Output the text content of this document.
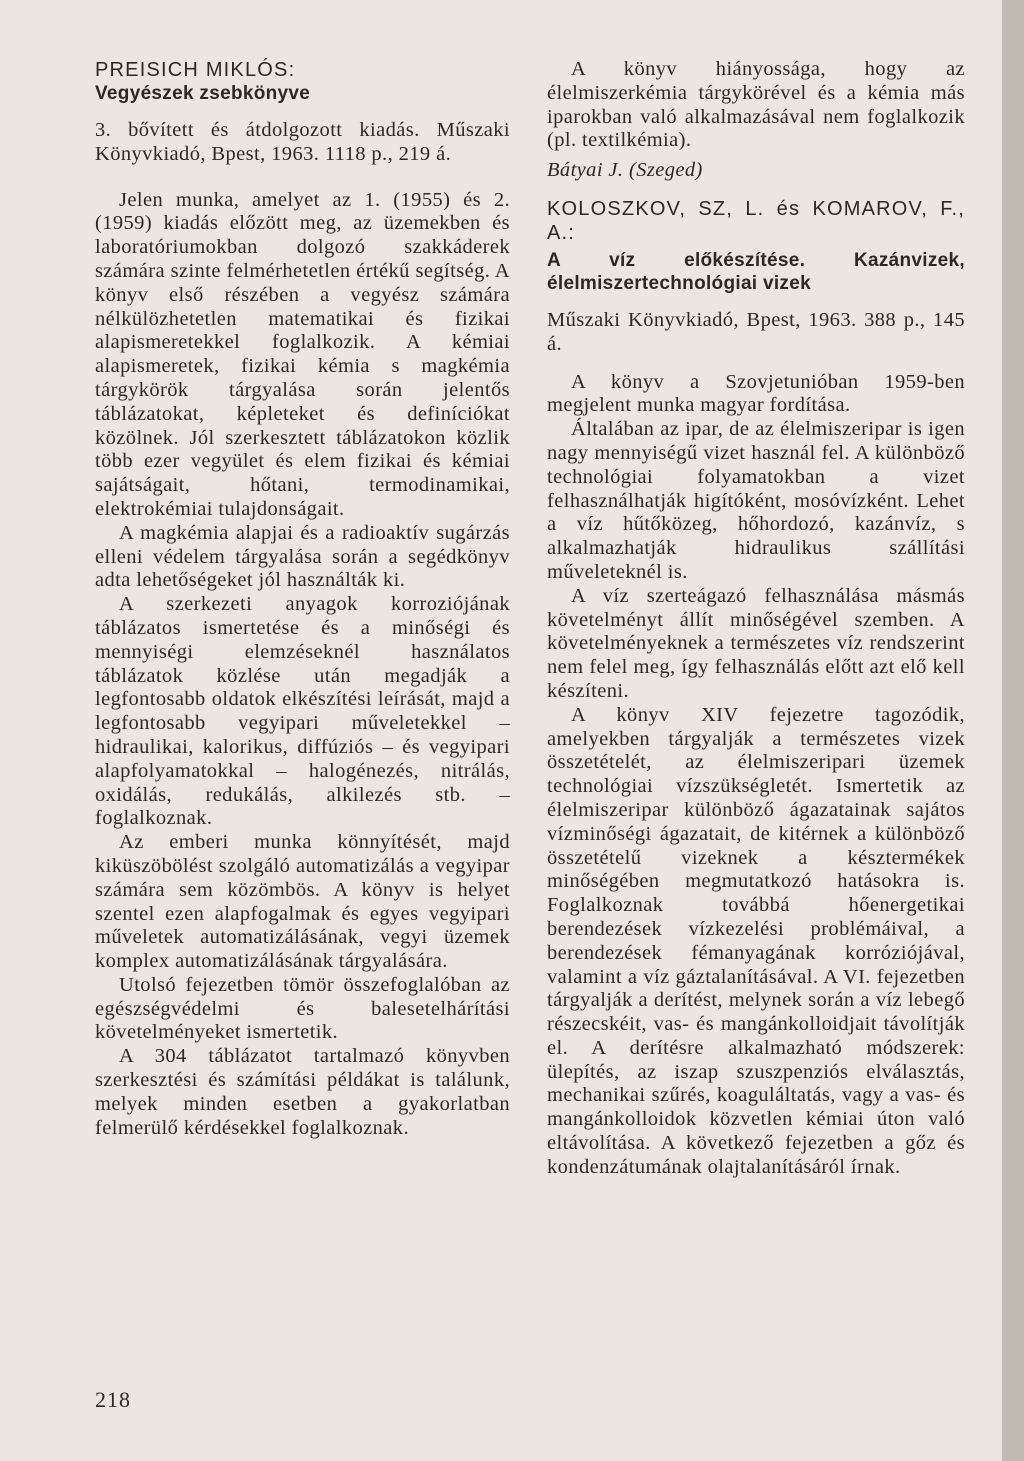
PREISICH MIKLÓS:

Vegyészek zsebkönyve

3. bővített és átdolgozott kiadás. Műszaki Könyvkiadó, Bpest, 1963. 1118 p., 219 á.

Jelen munka, amelyet az 1. (1955) és 2. (1959) kiadás előzött meg, az üzemekben és laboratóriumokban dolgozó szakkáderek számára szinte felmérhetetlen értékű segítség. A könyv első részében a vegyész számára nélkülözhetetlen matematikai és fizikai alapismeretekkel foglalkozik. A kémiai alapismeretek, fizikai kémia s magkémia tárgykörök tárgyalása során jelentős táblázatokat, képleteket és definíciókat közölnek. Jól szerkesztett táblázatokon közlik több ezer vegyület és elem fizikai és kémiai sajátságait, hőtani, termodinamikai, elektrokémiai tulajdonságait.

A magkémia alapjai és a radioaktív sugárzás elleni védelem tárgyalása során a segédkönyv adta lehetőségeket jól használták ki.

A szerkezeti anyagok korroziójának táblázatos ismertetése és a minőségi és mennyiségi elemzéseknél használatos táblázatok közlése után megadják a legfontosabb oldatok elkészítési leírását, majd a legfontosabb vegyipari műveletekkel – hidraulikai, kalorikus, diffúziós – és vegyipari alapfolyamatokkal – halogénezés, nitrálás, oxidálás, redukálás, alkilezés stb. – foglalkoznak.

Az emberi munka könnyítését, majd kiküszöbölést szolgáló automatizálás a vegyipar számára sem közömbös. A könyv is helyet szentel ezen alapfogalmak és egyes vegyipari műveletek automatizálásának, vegyi üzemek komplex automatizálásának tárgyalására.

Utolsó fejezetben tömör összefoglalóban az egészségvédelmi és balesetelhárítási követelményeket ismertetik.

A 304 táblázatot tartalmazó könyvben szerkesztési és számítási példákat is találunk, melyek minden esetben a gyakorlatban felmerülő kérdésekkel foglalkoznak.

A könyv hiányossága, hogy az élelmiszerkémia tárgykörével és a kémia más iparokban való alkalmazásával nem foglalkozik (pl. textilkémia).

Bátyai J. (Szeged)

KOLOSZKOV, SZ, L. és KOMAROV, F., A.:

A víz előkészítése. Kazánvizek, élelmiszertechnológiai vizek

Műszaki Könyvkiadó, Bpest, 1963. 388 p., 145 á.

A könyv a Szovjetunióban 1959-ben megjelent munka magyar fordítása.

Általában az ipar, de az élelmiszeripar is igen nagy mennyiségű vizet használ fel. A különböző technológiai folyamatokban a vizet felhasználhatják higítóként, mosóvízként. Lehet a víz hűtőközeg, hőhordozó, kazánvíz, s alkalmazhatják hidraulikus szállítási műveleteknél is.

A víz szerteágazó felhasználása másmás követelményt állít minőségével szemben. A követelményeknek a természetes víz rendszerint nem felel meg, így felhasználás előtt azt elő kell készíteni.

A könyv XIV fejezetre tagozódik, amelyekben tárgyalják a természetes vizek összetételét, az élelmiszeripari üzemek technológiai vízszükségletét. Ismertetik az élelmiszeripar különböző ágazatainak sajátos vízminőségi ágazatait, de kitérnek a különböző összetételű vizeknek a késztermékek minőségében megmutatkozó hatásokra is. Foglalkoznak továbbá hőenergetikai berendezések vízkezelési problémáival, a berendezések fémanyagának korróziójával, valamint a víz gáztalanításával. A VI. fejezetben tárgyalják a derítést, melynek során a víz lebegő részecskéit, vas- és mangánkolloidjait távolítják el. A derítésre alkalmazható módszerek: ülepítés, az iszap szuszpenziós elválasztás, mechanikai szűrés, koaguláltatás, vagy a vas- és mangánkolloidok közvetlen kémiai úton való eltávolítása. A következő fejezetben a gőz és kondenzátumának olajtalanításáról írnak.

218
